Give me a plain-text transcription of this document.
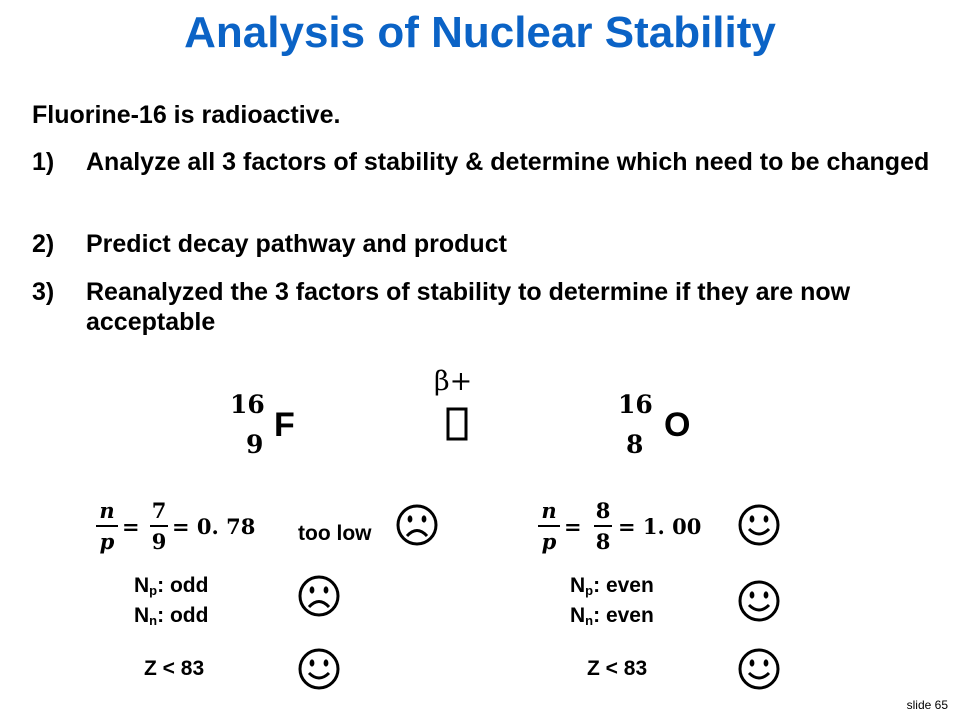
Analysis of Nuclear Stability
Fluorine-16 is radioactive.
1) Analyze all 3 factors of stability & determine which need to be changed
2) Predict decay pathway and product
3) Reanalyzed the 3 factors of stability to determine if they are now acceptable
16
9
F
β+
16
8
O
n
p
=
7
9
= 0. 78 too low
n
p
=
8
8
= 1. 00
$N_p$: odd
$N_n$: odd
$N_p$: even
$N_n$: even
Z < 83	Z < 83
slide 65
